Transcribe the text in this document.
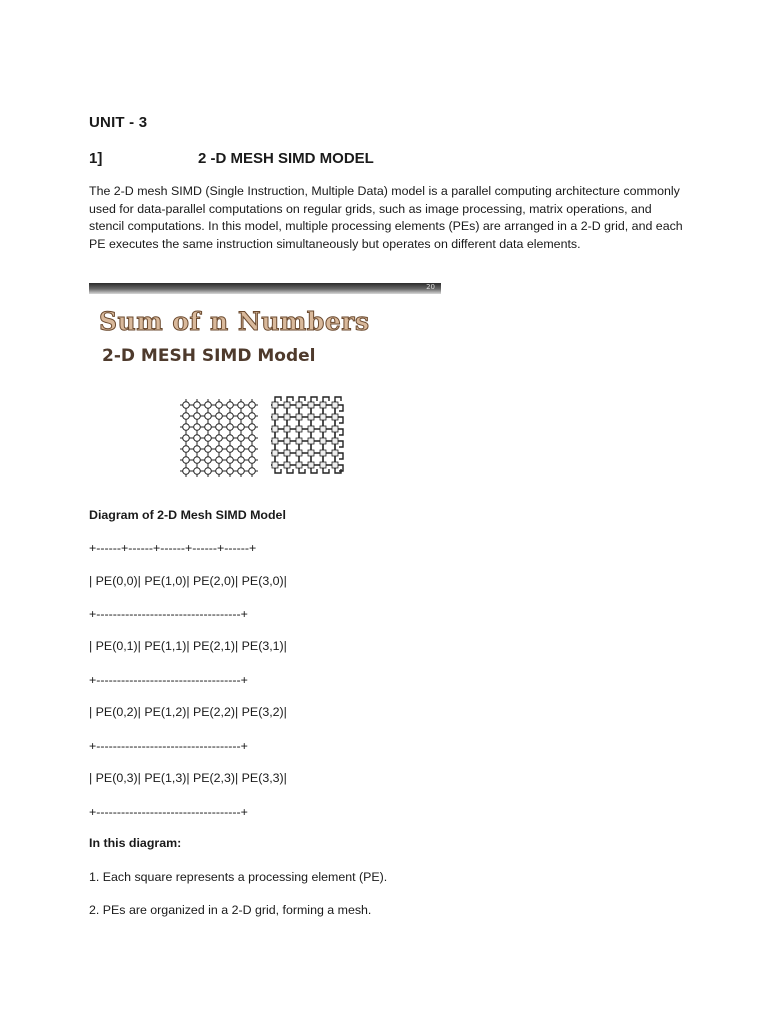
UNIT - 3
1]	2 -D MESH SIMD MODEL

The 2-D mesh SIMD (Single Instruction, Multiple Data) model is a parallel computing architecture commonly used for data-parallel computations on regular grids, such as image processing, matrix operations, and stencil computations. In this model, multiple processing elements (PEs) are arranged in a 2-D grid, and each PE executes the same instruction simultaneously but operates on different data elements.

20
Sum of n Numbers
2-D MESH SIMD Model
Diagram of 2-D Mesh SIMD Model
+------+------+------+------+------+
| PE(0,0)| PE(1,0)| PE(2,0)| PE(3,0)|
+-----------------------------------+
| PE(0,1)| PE(1,1)| PE(2,1)| PE(3,1)|
+-----------------------------------+
| PE(0,2)| PE(1,2)| PE(2,2)| PE(3,2)|
+-----------------------------------+
| PE(0,3)| PE(1,3)| PE(2,3)| PE(3,3)|
+-----------------------------------+
In this diagram:
1. Each square represents a processing element (PE).
2. PEs are organized in a 2-D grid, forming a mesh.
